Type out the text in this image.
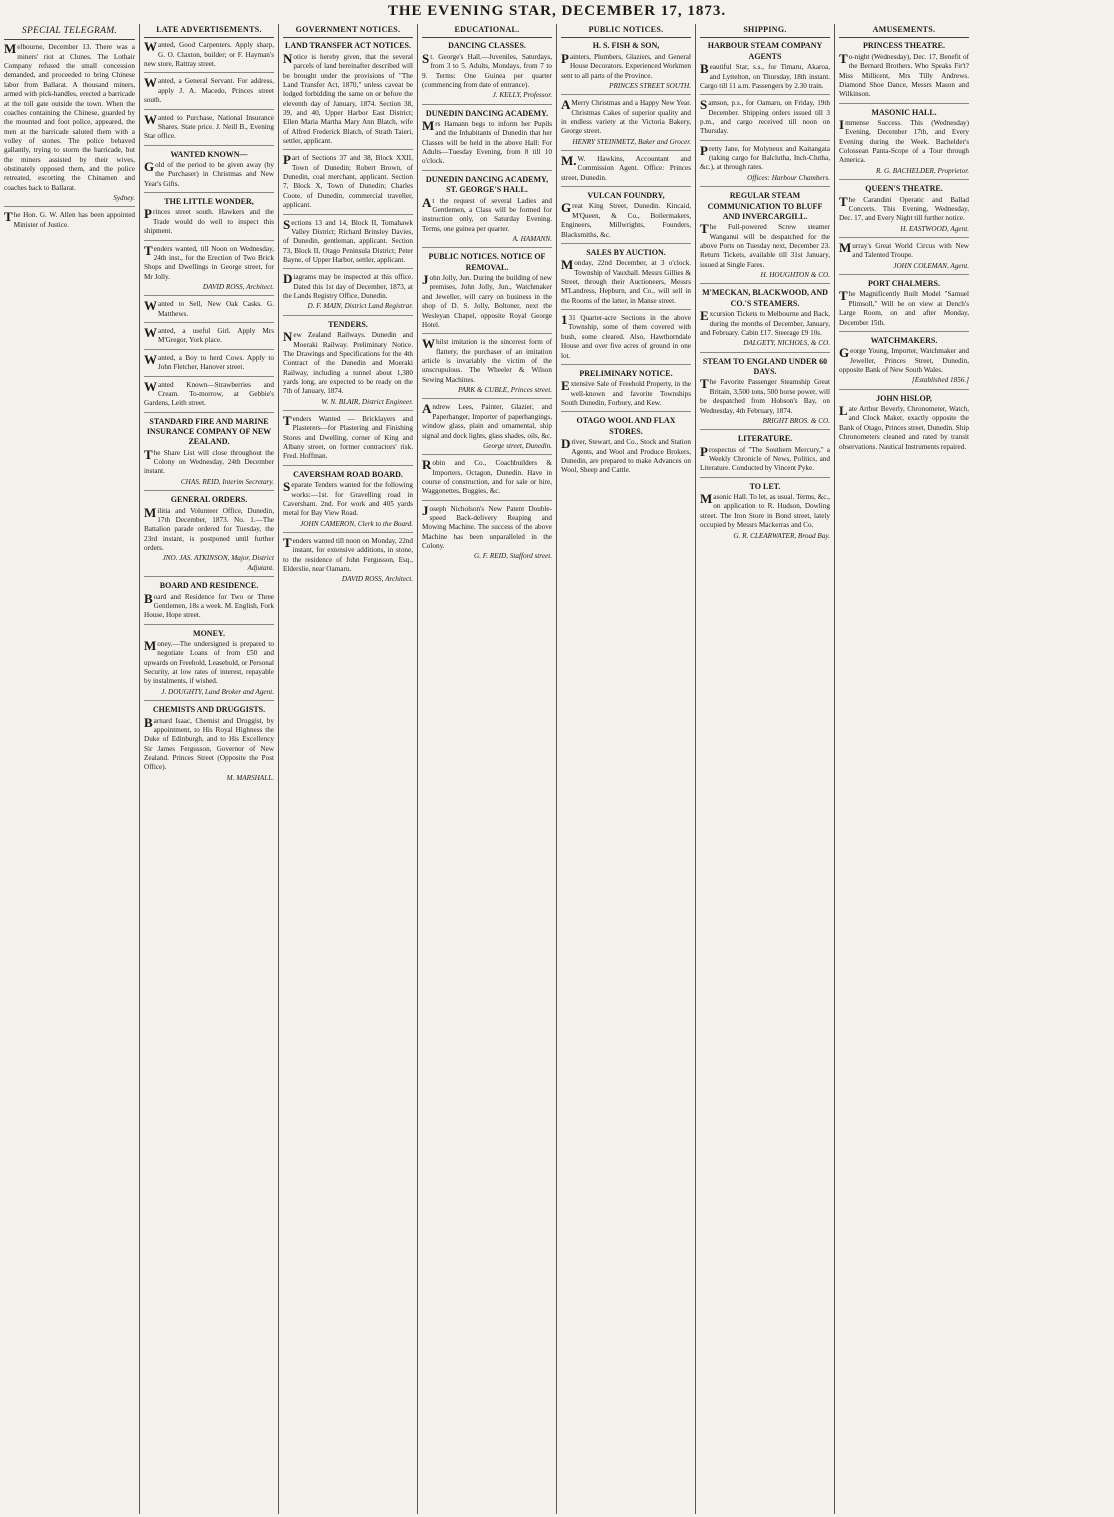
THE EVENING STAR, DECEMBER 17, 1873.
SPECIAL TELEGRAM.
Melbourne, December 13. There was a miners' riot at Clunes. The Lothair Company refused the small concession demanded, and proceeded to bring Chinese labor from Ballarat. A thousand miners, armed with pick-handles, erected a barricade at the toll gate outside the town. When the coaches containing the Chinese, guarded by the mounted and foot police, appeared, the men at the barricade saluted them with a volley of stones. The police behaved gallantly, trying to storm the barricade, but the miners assisted by their wives, obstinately opposed them, and the police retreated, escorting the Chinamen and coaches back to Ballarat.
Sydney.
The Hon. G. W. Allen has been appointed Minister of Justice.
LATE ADVERTISEMENTS.
Wanted, Good Carpenters. Apply sharp, G. O. Claxton, builder; or F. Hayman's new store, Rattray street.
Wanted, a General Servant. For address, apply J. A. Macedo, Princes street south.
Wanted to Purchase, National Insurance Shares. State price. J. Neill B., Evening Star office.
WANTED KNOWN—
Gold of the period to be given away (by the Purchaser) in Christmas and New Year's Gifts.
THE LITTLE WONDER,
Princes street south. Hawkers and the Trade would do well to inspect this shipment.
Tenders wanted, till Noon on Wednesday, 24th inst., for the Erection of Two Brick Shops and Dwellings in George street, for Mr Jolly.
DAVID ROSS, Architect.
Wanted to Sell, New Oak Casks. G. Matthews.
Wanted, a useful Girl. Apply Mrs M'Gregor, York place.
Wanted, a Boy to herd Cows. Apply to John Fletcher, Hanover street.
Wanted Known—Strawberries and Cream. To-morrow, at Gebbie's Gardens, Leith street.
STANDARD FIRE AND MARINE INSURANCE COMPANY OF NEW ZEALAND.
The Share List will close throughout the Colony on Wednesday, 24th December instant.
CHAS. REID, Interim Secretary.
GENERAL ORDERS.
Militia and Volunteer Office, Dunedin, 17th December, 1873. No. 1.—The Battalion parade ordered for Tuesday, the 23rd instant, is postponed until further orders.
JNO. JAS. ATKINSON, Major, District Adjutant.
BOARD AND RESIDENCE.
Board and Residence for Two or Three Gentlemen, 18s a week. M. English, Fork House, Hope street.
MONEY.
Money.—The undersigned is prepared to negotiate Loans of from £50 and upwards on Freehold, Leasehold, or Personal Security, at low rates of interest, repayable by instalments, if wished.
J. DOUGHTY, Land Broker and Agent.
CHEMISTS AND DRUGGISTS.
Barnard Isaac, Chemist and Druggist, by appointment, to His Royal Highness the Duke of Edinburgh, and to His Excellency Sir James Fergusson, Governor of New Zealand. Princes Street (Opposite the Post Office).
M. MARSHALL.
GOVERNMENT NOTICES.
LAND TRANSFER ACT NOTICES.
Notice is hereby given, that the several parcels of land hereinafter described will be brought under the provisions of "The Land Transfer Act, 1870," unless caveat be lodged forbidding the same on or before the eleventh day of January, 1874. Section 38, 39, and 40, Upper Harbor East District; Ellen Maria Martha Mary Ann Blatch, wife of Alfred Frederick Blatch, of Strath Taieri, settler, applicant.
Part of Sections 37 and 38, Block XXII, Town of Dunedin; Robert Brown, of Dunedin, coal merchant, applicant. Section 7, Block X, Town of Dunedin; Charles Coote, of Dunedin, commercial traveller, applicant.
Sections 13 and 14, Block II, Tomahawk Valley District; Richard Brinsley Davies, of Dunedin, gentleman, applicant. Section 73, Block II, Otago Peninsula District; Peter Bayne, of Upper Harbor, settler, applicant.
Diagrams may be inspected at this office. Dated this 1st day of December, 1873, at the Lands Registry Office, Dunedin.
D. F. MAIN, District Land Registrar.
TENDERS.
New Zealand Railways. Dunedin and Moeraki Railway. Preliminary Notice. The Drawings and Specifications for the 4th Contract of the Dunedin and Moeraki Railway, including a tunnel about 1,380 yards long, are expected to be ready on the 7th of January, 1874.
W. N. BLAIR, District Engineer.
Tenders Wanted — Bricklayers and Plasterers—for Plastering and Finishing Stores and Dwelling, corner of King and Albany street, on former contractors' risk. Fred. Hoffman.
CAVERSHAM ROAD BOARD.
Separate Tenders wanted for the following works:—1st. for Gravelling road in Caversham. 2nd. For work and 405 yards metal for Bay View Road.
JOHN CAMERON, Clerk to the Board.
Tenders wanted till noon on Monday, 22nd instant, for extensive additions, in stone, to the residence of John Fergusson, Esq., Elderslie, near Oamaru.
DAVID ROSS, Architect.
EDUCATIONAL.
DANCING CLASSES.
St. George's Hall.—Juveniles, Saturdays, from 3 to 5. Adults, Mondays, from 7 to 9. Terms: One Guinea per quarter (commencing from date of entrance).
J. KELLY, Professor.
DUNEDIN DANCING ACADEMY.
Mrs Hamann begs to inform her Pupils and the Inhabitants of Dunedin that her Classes will be held in the above Hall: For Adults—Tuesday Evening, from 8 till 10 o'clock.
DUNEDIN DANCING ACADEMY, ST. GEORGE'S HALL.
At the request of several Ladies and Gentlemen, a Class will be formed for instruction only, on Saturday Evening. Terms, one guinea per quarter.
A. HAMANN.
PUBLIC NOTICES. NOTICE OF REMOVAL.
John Jolly, Jun. During the building of new premises, John Jolly, Jun., Watchmaker and Jeweller, will carry on business in the shop of D. S. Jolly, Boltoner, next the Wesleyan Chapel, opposite Royal George Hotel.
Whilst imitation is the sincerest form of flattery, the purchaser of an imitation article is invariably the victim of the unscrupulous. The Wheeler & Wilson Sewing Machines.
PARK & CUBLE, Princes street.
Andrew Lees, Painter, Glazier, and Paperhanger, Importer of paperhangings, window glass, plain and ornamental, ship signal and dock lights, glass shades, oils, &c.
George street, Dunedin.
Robin and Co., Coachbuilders & Importers, Octagon, Dunedin. Have in course of construction, and for sale or hire, Waggonettes, Buggies, &c.
Joseph Nicholson's New Patent Double-speed Back-delivery Reaping and Mowing Machine. The success of the above Machine has been unparalleled in the Colony.
G. F. REID, Stafford street.
PUBLIC NOTICES.
H. S. FISH & SON,
Painters, Plumbers, Glaziers, and General House Decorators. Experienced Workmen sent to all parts of the Province.
PRINCES STREET SOUTH.
AMerry Christmas and a Happy New Year. Christmas Cakes of superior quality and in endless variety at the Victoria Bakery, George street.
HENRY STEINMETZ, Baker and Grocer.
M.W. Hawkins, Accountant and Commission Agent. Office: Princes street, Dunedin.
VULCAN FOUNDRY,
Great King Street, Dunedin. Kincaid, M'Queen, & Co., Boilermakers, Engineers, Millwrights, Founders, Blacksmiths, &c.
SALES BY AUCTION.
Monday, 22nd December, at 3 o'clock. Township of Vauxhall. Messrs Gillies & Street, through their Auctioneers, Messrs M'Landress, Hepburn, and Co., will sell in the Rooms of the latter, in Manse street.
131 Quarter-acre Sections in the above Township, some of them covered with bush, some cleared. Also, Hawthorndale House and over five acres of ground in one lot.
PRELIMINARY NOTICE.
Extensive Sale of Freehold Property, in the well-known and favorite Townships South Dunedin, Forbury, and Kew.
OTAGO WOOL AND FLAX STORES.
Driver, Stewart, and Co., Stock and Station Agents, and Wool and Produce Brokers, Dunedin, are prepared to make Advances on Wool, Sheep and Cattle.
SHIPPING.
HARBOUR STEAM COMPANY AGENTS
Beautiful Star, s.s., for Timaru, Akaroa, and Lyttelton, on Thursday, 18th instant. Cargo till 11 a.m. Passengers by 2.30 train.
Samson, p.s., for Oamaru, on Friday, 19th December. Shipping orders issued till 3 p.m., and cargo received till noon on Thursday.
Pretty Jane, for Molyneux and Kaitangata (taking cargo for Balclutha, Inch-Clutha, &c.), at through rates.
Offices: Harbour Chambers.
REGULAR STEAM COMMUNICATION TO BLUFF AND INVERCARGILL.
The Full-powered Screw steamer Wanganui will be despatched for the above Ports on Tuesday next, December 23. Return Tickets, available till 31st January, issued at Single Fares.
H. HOUGHTON & CO.
M'MECKAN, BLACKWOOD, AND CO.'S STEAMERS.
Excursion Tickets to Melbourne and Back, during the months of December, January, and February. Cabin £17. Steerage £9 10s.
DALGETY, NICHOLS, & CO.
STEAM TO ENGLAND UNDER 60 DAYS.
The Favorite Passenger Steamship Great Britain, 3,500 tons, 500 horse power, will be despatched from Hobson's Bay, on Wednesday, 4th February, 1874.
BRIGHT BROS. & CO.
LITERATURE.
Prospectus of "The Southern Mercury," a Weekly Chronicle of News, Politics, and Literature. Conducted by Vincent Pyke.
TO LET.
Masonic Hall. To let, as usual. Terms, &c., on application to R. Hudson, Dowling street. The Iron Store in Bond street, lately occupied by Messrs Mackerras and Co.
G. R. CLEARWATER, Broad Bay.
AMUSEMENTS.
PRINCESS THEATRE.
To-night (Wednesday), Dec. 17, Benefit of the Bernard Brothers. Who Speaks Fir't? Miss Millicent, Mrs Tilly Andrews. Diamond Shoe Dance, Messrs Mason and Wilkinson.
MASONIC HALL.
Immense Success. This (Wednesday) Evening, December 17th, and Every Evening during the Week. Bachelder's Colossean Panta-Scope of a Tour through America.
R. G. BACHELDER, Proprietor.
QUEEN'S THEATRE.
The Carandini Operatic and Ballad Concerts. This Evening, Wednesday, Dec. 17, and Every Night till further notice.
H. EASTWOOD, Agent.
Murray's Great World Circus with New and Talented Troupe.
JOHN COLEMAN, Agent.
PORT CHALMERS.
The Magnificently Built Model "Samuel Plimsoll," Will be on view at Dench's Large Room, on and after Monday, December 15th.
WATCHMAKERS.
George Young, Importer, Watchmaker and Jeweller, Princes Street, Dunedin, opposite Bank of New South Wales.
[Established 1856.]
JOHN HISLOP,
Late Arthur Beverly, Chronometer, Watch, and Clock Maker, exactly opposite the Bank of Otago, Princes street, Dunedin. Ship Chronometers cleaned and rated by transit observations. Nautical Instruments repaired.
